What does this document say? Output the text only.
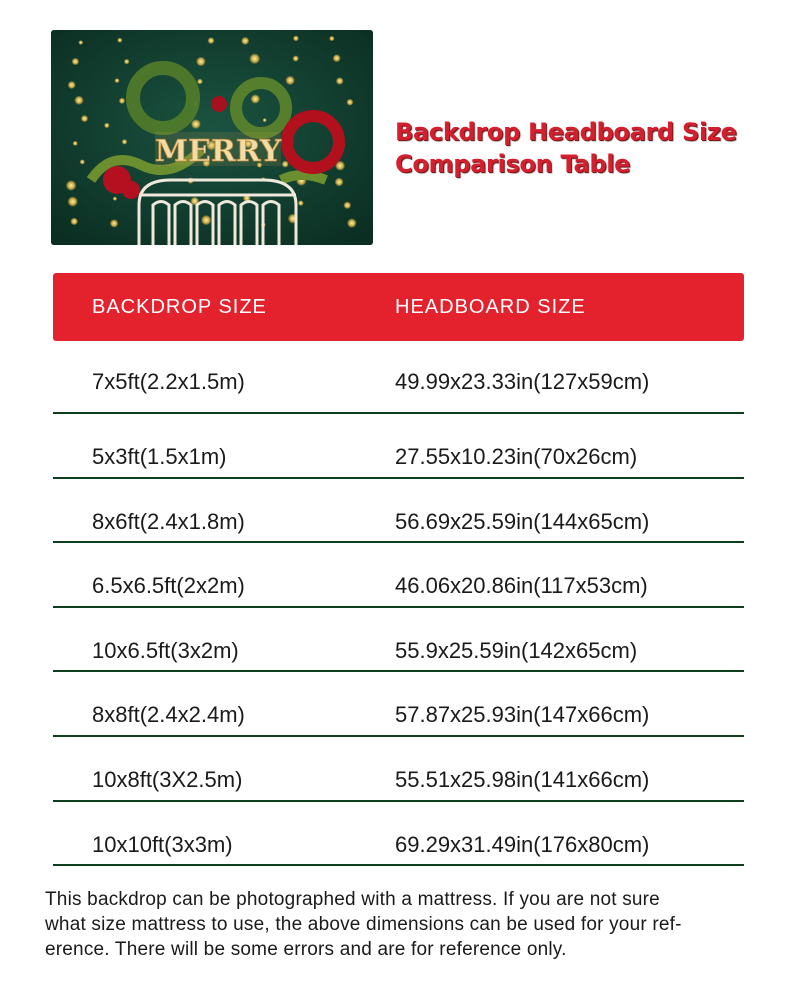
MERRY
Backdrop Headboard Size
Comparison Table
BACKDROP SIZE	HEADBOARD SIZE
7x5ft(2.2x1.5m)	49.99x23.33in(127x59cm)
5x3ft(1.5x1m)	27.55x10.23in(70x26cm)
8x6ft(2.4x1.8m)	56.69x25.59in(144x65cm)
6.5x6.5ft(2x2m)	46.06x20.86in(117x53cm)
10x6.5ft(3x2m)	55.9x25.59in(142x65cm)
8x8ft(2.4x2.4m)	57.87x25.93in(147x66cm)
10x8ft(3X2.5m)	55.51x25.98in(141x66cm)
10x10ft(3x3m)	69.29x31.49in(176x80cm)
This backdrop can be photographed with a mattress. If you are not sure
what size mattress to use, the above dimensions can be used for your ref-
erence. There will be some errors and are for reference only.
